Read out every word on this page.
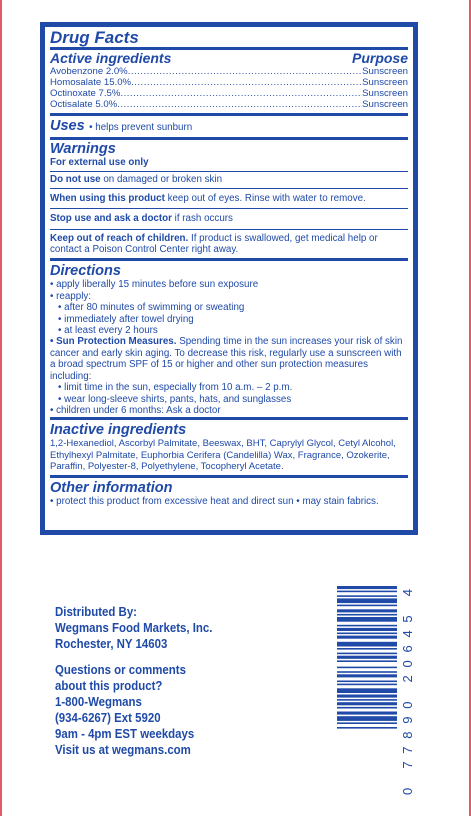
Drug Facts
Active ingredients	Purpose
Avobenzone 2.0% .....	Sunscreen
Homosalate 15.0% .....	Sunscreen
Octinoxate 7.5% .....	Sunscreen
Octisalate 5.0% .....	Sunscreen
Uses • helps prevent sunburn
Warnings
For external use only
Do not use on damaged or broken skin
When using this product keep out of eyes. Rinse with water to remove.
Stop use and ask a doctor if rash occurs
Keep out of reach of children. If product is swallowed, get medical help or contact a Poison Control Center right away.
Directions
• apply liberally 15 minutes before sun exposure
• reapply:
• after 80 minutes of swimming or sweating
• immediately after towel drying
• at least every 2 hours
• Sun Protection Measures. Spending time in the sun increases your risk of skin cancer and early skin aging. To decrease this risk, regularly use a sunscreen with a broad spectrum SPF of 15 or higher and other sun protection measures including:
• limit time in the sun, especially from 10 a.m. – 2 p.m.
• wear long-sleeve shirts, pants, hats, and sunglasses
• children under 6 months: Ask a doctor
Inactive ingredients
1,2-Hexanediol, Ascorbyl Palmitate, Beeswax, BHT, Caprylyl Glycol, Cetyl Alcohol, Ethylhexyl Palmitate, Euphorbia Cerifera (Candelilla) Wax, Fragrance, Ozokerite, Paraffin, Polyester-8, Polyethylene, Tocopheryl Acetate.
Other information
• protect this product from excessive heat and direct sun • may stain fabrics.
Distributed By:
Wegmans Food Markets, Inc.
Rochester, NY 14603
Questions or comments
about this product?
1-800-Wegmans
(934-6267) Ext 5920
9am - 4pm EST weekdays
Visit us at wegmans.com
0 77890 20645 4
